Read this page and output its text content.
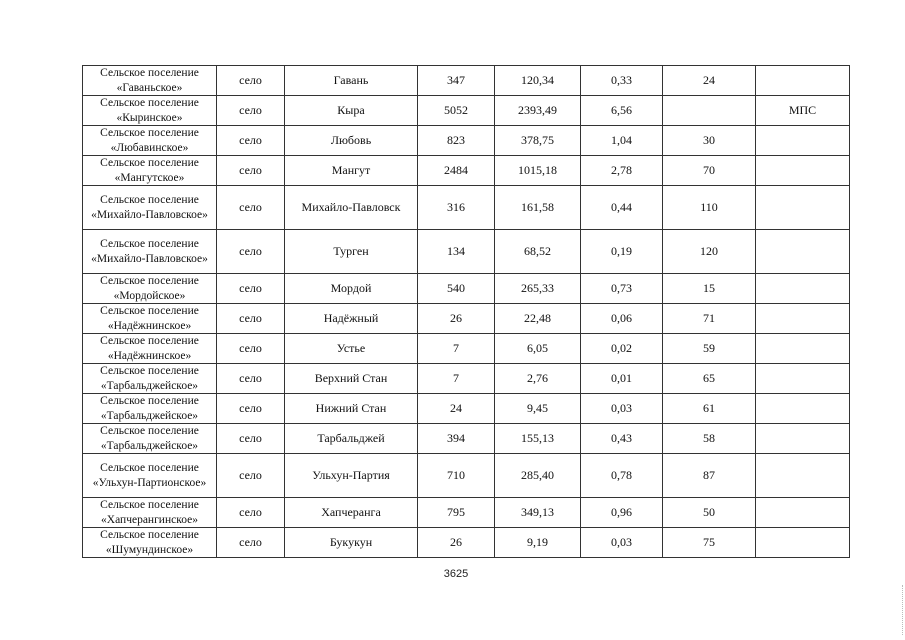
Сельское поселение «Гаваньское»	село	Гавань	347	120,34	0,33	24	
Сельское поселение «Кыринское»	село	Кыра	5052	2393,49	6,56		МПС
Сельское поселение «Любавинское»	село	Любовь	823	378,75	1,04	30	
Сельское поселение «Мангутское»	село	Мангут	2484	1015,18	2,78	70	
Сельское поселение «Михайло-Павловское»	село	Михайло-Павловск	316	161,58	0,44	110	
Сельское поселение «Михайло-Павловское»	село	Турген	134	68,52	0,19	120	
Сельское поселение «Мордойское»	село	Мордой	540	265,33	0,73	15	
Сельское поселение «Надёжнинское»	село	Надёжный	26	22,48	0,06	71	
Сельское поселение «Надёжнинское»	село	Устье	7	6,05	0,02	59	
Сельское поселение «Тарбальджейское»	село	Верхний Стан	7	2,76	0,01	65	
Сельское поселение «Тарбальджейское»	село	Нижний Стан	24	9,45	0,03	61	
Сельское поселение «Тарбальджейское»	село	Тарбальджей	394	155,13	0,43	58	
Сельское поселение «Ульхун-Партионское»	село	Ульхун-Партия	710	285,40	0,78	87	
Сельское поселение «Хапчерангинское»	село	Хапчеранга	795	349,13	0,96	50	
Сельское поселение «Шумундинское»	село	Букукун	26	9,19	0,03	75	
3625
